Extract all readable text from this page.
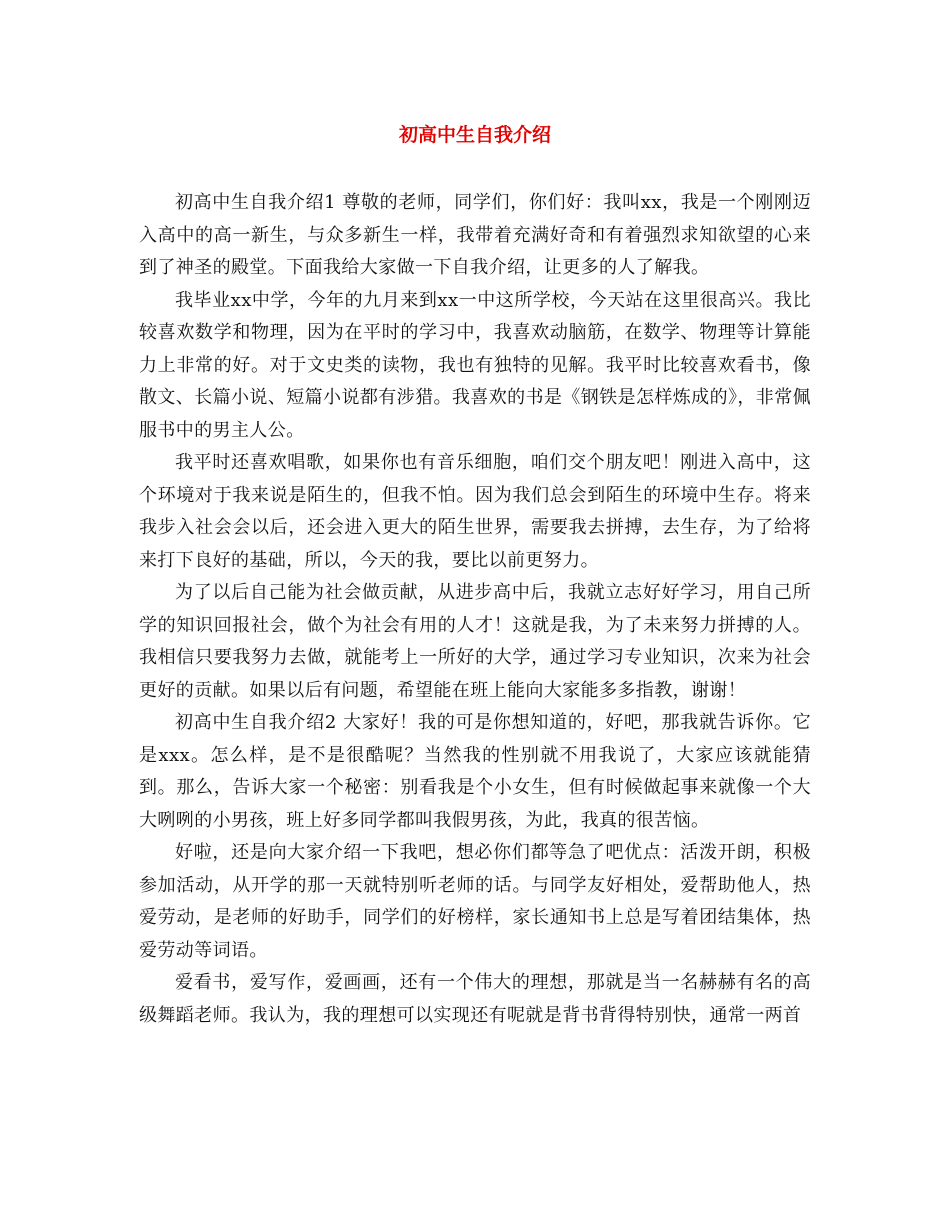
初高中生自我介绍

初高中生自我介绍1 尊敬的老师，同学们，你们好：我叫xx，我是一个刚刚迈入高中的高一新生，与众多新生一样，我带着充满好奇和有着强烈求知欲望的心来到了神圣的殿堂。下面我给大家做一下自我介绍，让更多的人了解我。

我毕业xx中学，今年的九月来到xx一中这所学校，今天站在这里很高兴。我比较喜欢数学和物理，因为在平时的学习中，我喜欢动脑筋，在数学、物理等计算能力上非常的好。对于文史类的读物，我也有独特的见解。我平时比较喜欢看书，像散文、长篇小说、短篇小说都有涉猎。我喜欢的书是《钢铁是怎样炼成的》，非常佩服书中的男主人公。

我平时还喜欢唱歌，如果你也有音乐细胞，咱们交个朋友吧！刚进入高中，这个环境对于我来说是陌生的，但我不怕。因为我们总会到陌生的环境中生存。将来我步入社会会以后，还会进入更大的陌生世界，需要我去拼搏，去生存，为了给将来打下良好的基础，所以，今天的我，要比以前更努力。

为了以后自己能为社会做贡献，从进步高中后，我就立志好好学习，用自己所学的知识回报社会，做个为社会有用的人才！这就是我，为了未来努力拼搏的人。我相信只要我努力去做，就能考上一所好的大学，通过学习专业知识，次来为社会更好的贡献。如果以后有问题，希望能在班上能向大家能多多指教，谢谢！

初高中生自我介绍2 大家好！我的可是你想知道的，好吧，那我就告诉你。它是xxx。怎么样，是不是很酷呢？当然我的性别就不用我说了，大家应该就能猜到。那么，告诉大家一个秘密：别看我是个小女生，但有时候做起事来就像一个大大咧咧的小男孩，班上好多同学都叫我假男孩，为此，我真的很苦恼。

好啦，还是向大家介绍一下我吧，想必你们都等急了吧优点：活泼开朗，积极参加活动，从开学的那一天就特别听老师的话。与同学友好相处，爱帮助他人，热爱劳动，是老师的好助手，同学们的好榜样，家长通知书上总是写着团结集体，热爱劳动等词语。

爱看书，爱写作，爱画画，还有一个伟大的理想，那就是当一名赫赫有名的高级舞蹈老师。我认为，我的理想可以实现还有呢就是背书背得特别快，通常一两首
